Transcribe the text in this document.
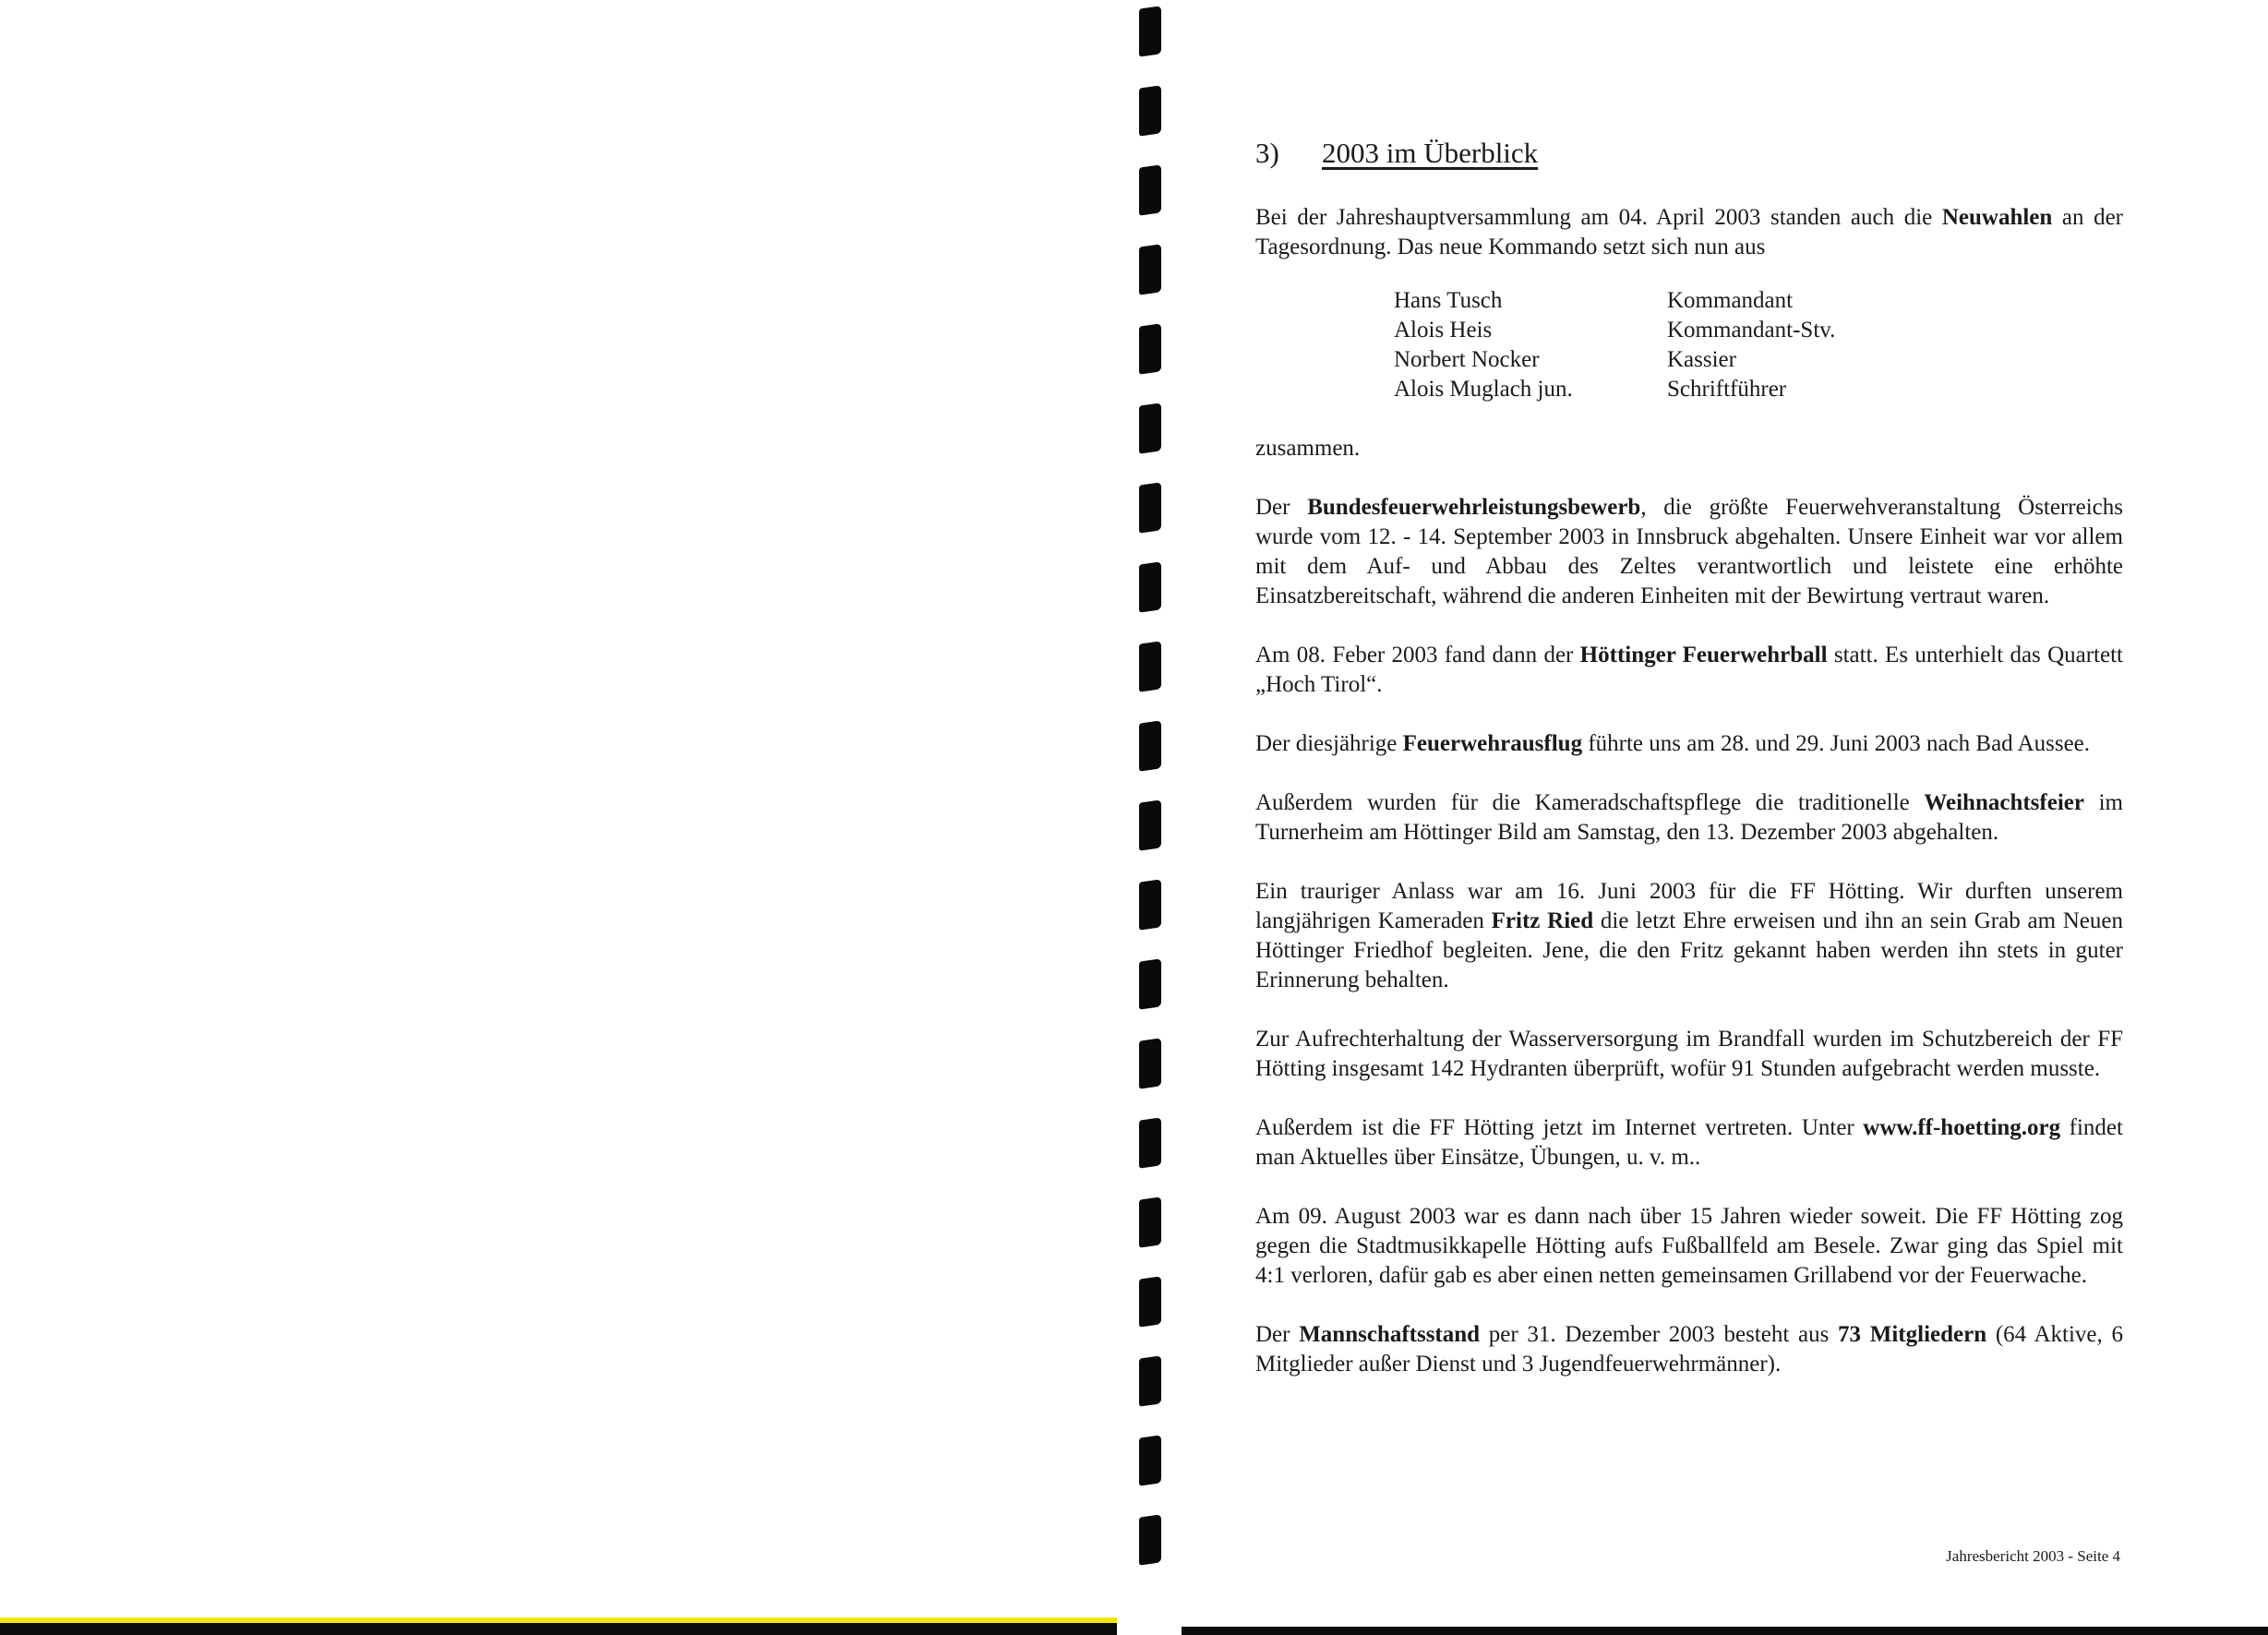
3) 2003 im Überblick

Bei der Jahreshauptversammlung am 04. April 2003 standen auch die Neuwahlen an der Tagesordnung. Das neue Kommando setzt sich nun aus

Hans Tusch	Kommandant
Alois Heis	Kommandant-Stv.
Norbert Nocker	Kassier
Alois Muglach jun.	Schriftführer

zusammen.

Der Bundesfeuerwehrleistungsbewerb, die größte Feuerwehveranstaltung Österreichs wurde vom 12. - 14. September 2003 in Innsbruck abgehalten. Unsere Einheit war vor allem mit dem Auf- und Abbau des Zeltes verantwortlich und leistete eine erhöhte Einsatzbereitschaft, während die anderen Einheiten mit der Bewirtung vertraut waren.

Am 08. Feber 2003 fand dann der Höttinger Feuerwehrball statt. Es unterhielt das Quartett „Hoch Tirol“.

Der diesjährige Feuerwehrausflug führte uns am 28. und 29. Juni 2003 nach Bad Aussee.

Außerdem wurden für die Kameradschaftspflege die traditionelle Weihnachtsfeier im Turnerheim am Höttinger Bild am Samstag, den 13. Dezember 2003 abgehalten.

Ein trauriger Anlass war am 16. Juni 2003 für die FF Hötting. Wir durften unserem langjährigen Kameraden Fritz Ried die letzt Ehre erweisen und ihn an sein Grab am Neuen Höttinger Friedhof begleiten. Jene, die den Fritz gekannt haben werden ihn stets in guter Erinnerung behalten.

Zur Aufrechterhaltung der Wasserversorgung im Brandfall wurden im Schutzbereich der FF Hötting insgesamt 142 Hydranten überprüft, wofür 91 Stunden aufgebracht werden musste.

Außerdem ist die FF Hötting jetzt im Internet vertreten. Unter www.ff-hoetting.org findet man Aktuelles über Einsätze, Übungen, u. v. m..

Am 09. August 2003 war es dann nach über 15 Jahren wieder soweit. Die FF Hötting zog gegen die Stadtmusikkapelle Hötting aufs Fußballfeld am Besele. Zwar ging das Spiel mit 4:1 verloren, dafür gab es aber einen netten gemeinsamen Grillabend vor der Feuerwache.

Der Mannschaftsstand per 31. Dezember 2003 besteht aus 73 Mitgliedern (64 Aktive, 6 Mitglieder außer Dienst und 3 Jugendfeuerwehrmänner).

Jahresbericht 2003 - Seite 4
